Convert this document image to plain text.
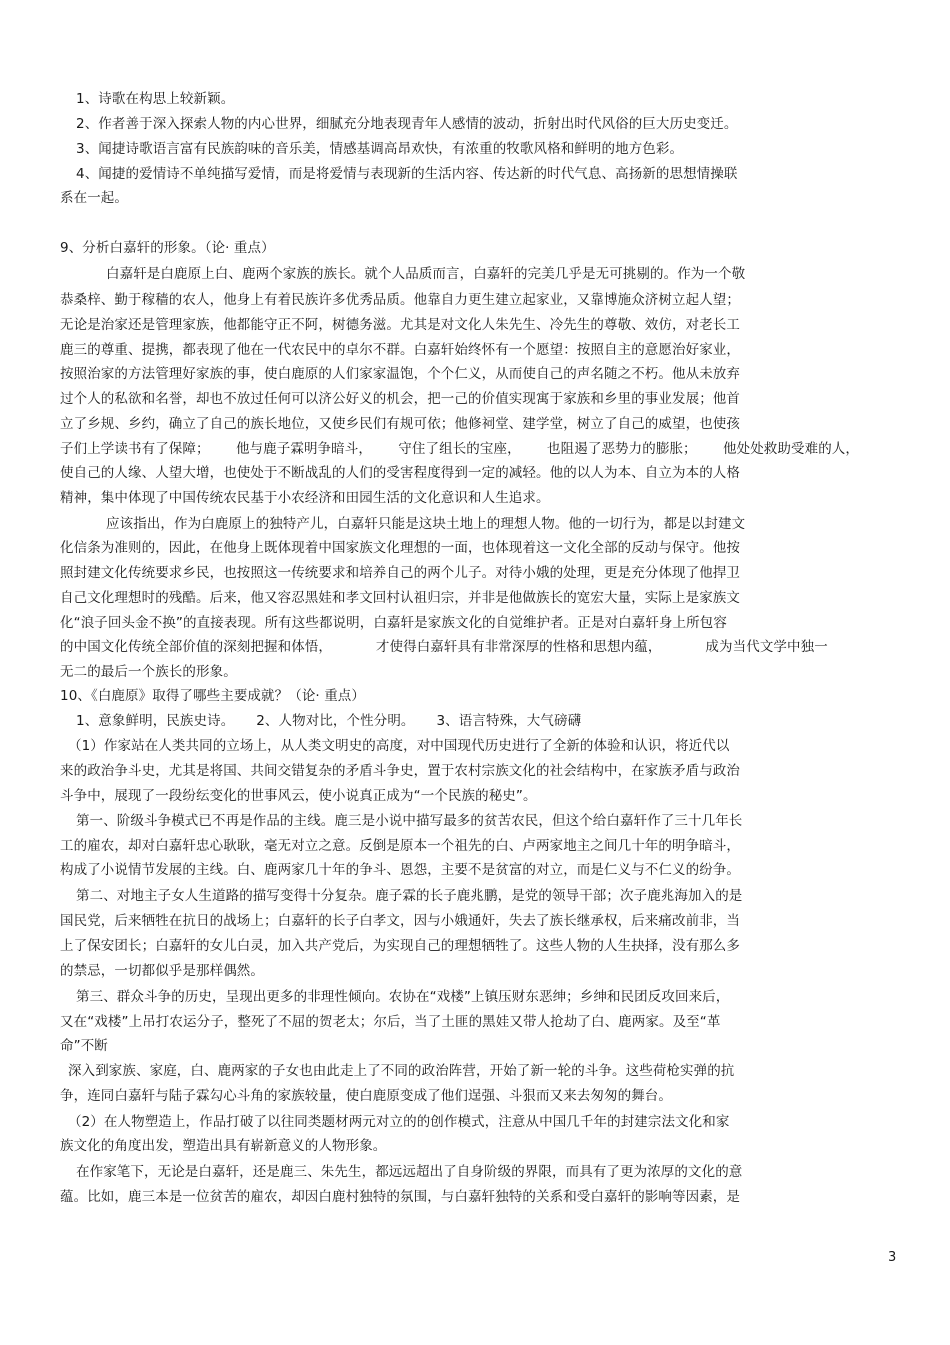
1、诗歌在构思上较新颖。
2、作者善于深入探索人物的内心世界，细腻充分地表现青年人感情的波动，折射出时代风俗的巨大历史变迁。
3、闻捷诗歌语言富有民族韵味的音乐美，情感基调高昂欢快，有浓重的牧歌风格和鲜明的地方色彩。
4、闻捷的爱情诗不单纯描写爱情，而是将爱情与表现新的生活内容、传达新的时代气息、高扬新的思想情操联
系在一起。
9、分析白嘉轩的形象。（论· 重点）
白嘉轩是白鹿原上白、鹿两个家族的族长。就个人品质而言，白嘉轩的完美几乎是无可挑剔的。作为一个敬
恭桑梓、勤于稼穑的农人，他身上有着民族许多优秀品质。他靠自力更生建立起家业，又靠博施众济树立起人望；
无论是治家还是管理家族，他都能守正不阿，树德务滋。尤其是对文化人朱先生、冷先生的尊敬、效仿，对老长工
鹿三的尊重、提携，都表现了他在一代农民中的卓尔不群。白嘉轩始终怀有一个愿望：按照自主的意愿治好家业，
按照治家的方法管理好家族的事，使白鹿原的人们家家温饱，个个仁义，从而使自己的声名随之不朽。他从未放弃
过个人的私欲和名誉，却也不放过任何可以济公好义的机会，把一己的价值实现寓于家族和乡里的事业发展；他首
立了乡规、乡约，确立了自己的族长地位，又使乡民们有规可依；他修祠堂、建学堂，树立了自己的威望，也使孩
子们上学读书有了保障；      他与鹿子霖明争暗斗，      守住了组长的宝座，      也阻遏了恶势力的膨胀；      他处处救助受难的人，
使自己的人缘、人望大增，也使处于不断战乱的人们的受害程度得到一定的减轻。他的以人为本、自立为本的人格
精神，集中体现了中国传统农民基于小农经济和田园生活的文化意识和人生追求。
应该指出，作为白鹿原上的独特产儿，白嘉轩只能是这块土地上的理想人物。他的一切行为，都是以封建文
化信条为准则的，因此，在他身上既体现着中国家族文化理想的一面，也体现着这一文化全部的反动与保守。他按
照封建文化传统要求乡民，也按照这一传统要求和培养自己的两个儿子。对待小娥的处理，更是充分体现了他捍卫
自己文化理想时的残酷。后来，他又容忍黑娃和孝文回村认祖归宗，并非是他做族长的宽宏大量，实际上是家族文
化“浪子回头金不换”的直接表现。所有这些都说明，白嘉轩是家族文化的自觉维护者。正是对白嘉轩身上所包容
的中国文化传统全部价值的深刻把握和体悟，          才使得白嘉轩具有非常深厚的性格和思想内蕴，          成为当代文学中独一
无二的最后一个族长的形象。
10、《白鹿原》取得了哪些主要成就？（论· 重点）
1、意象鲜明，民族史诗。     2、人物对比，个性分明。     3、语言特殊，大气磅礴
（1）作家站在人类共同的立场上，从人类文明史的高度，对中国现代历史进行了全新的体验和认识，将近代以
来的政治争斗史，尤其是将国、共间交错复杂的矛盾斗争史，置于农村宗族文化的社会结构中，在家族矛盾与政治
斗争中，展现了一段纷纭变化的世事风云，使小说真正成为“一个民族的秘史”。
第一、阶级斗争模式已不再是作品的主线。鹿三是小说中描写最多的贫苦农民，但这个给白嘉轩作了三十几年长
工的雇农，却对白嘉轩忠心耿耿，毫无对立之意。反倒是原本一个祖先的白、卢两家地主之间几十年的明争暗斗，
构成了小说情节发展的主线。白、鹿两家几十年的争斗、恩怨，主要不是贫富的对立，而是仁义与不仁义的纷争。
第二、对地主子女人生道路的描写变得十分复杂。鹿子霖的长子鹿兆鹏，是党的领导干部；次子鹿兆海加入的是
国民党，后来牺牲在抗日的战场上；白嘉轩的长子白孝文，因与小娥通奸，失去了族长继承权，后来痛改前非，当
上了保安团长；白嘉轩的女儿白灵，加入共产党后，为实现自己的理想牺牲了。这些人物的人生抉择，没有那么多
的禁忌，一切都似乎是那样偶然。
第三、群众斗争的历史，呈现出更多的非理性倾向。农协在“戏楼”上镇压财东恶绅；乡绅和民团反攻回来后，
又在“戏楼”上吊打农运分子，整死了不屈的贺老太；尔后，当了土匪的黑娃又带人抢劫了白、鹿两家。及至“革
命”不断
深入到家族、家庭，白、鹿两家的子女也由此走上了不同的政治阵营，开始了新一轮的斗争。这些荷枪实弹的抗
争，连同白嘉轩与陆子霖勾心斗角的家族较量，使白鹿原变成了他们逞强、斗狠而又来去匆匆的舞台。
（2）在人物塑造上，作品打破了以往同类题材两元对立的的创作模式，注意从中国几千年的封建宗法文化和家
族文化的角度出发，塑造出具有崭新意义的人物形象。
在作家笔下，无论是白嘉轩，还是鹿三、朱先生，都远远超出了自身阶级的界限，而具有了更为浓厚的文化的意
蕴。比如，鹿三本是一位贫苦的雇农，却因白鹿村独特的氛围，与白嘉轩独特的关系和受白嘉轩的影响等因素，是
3
